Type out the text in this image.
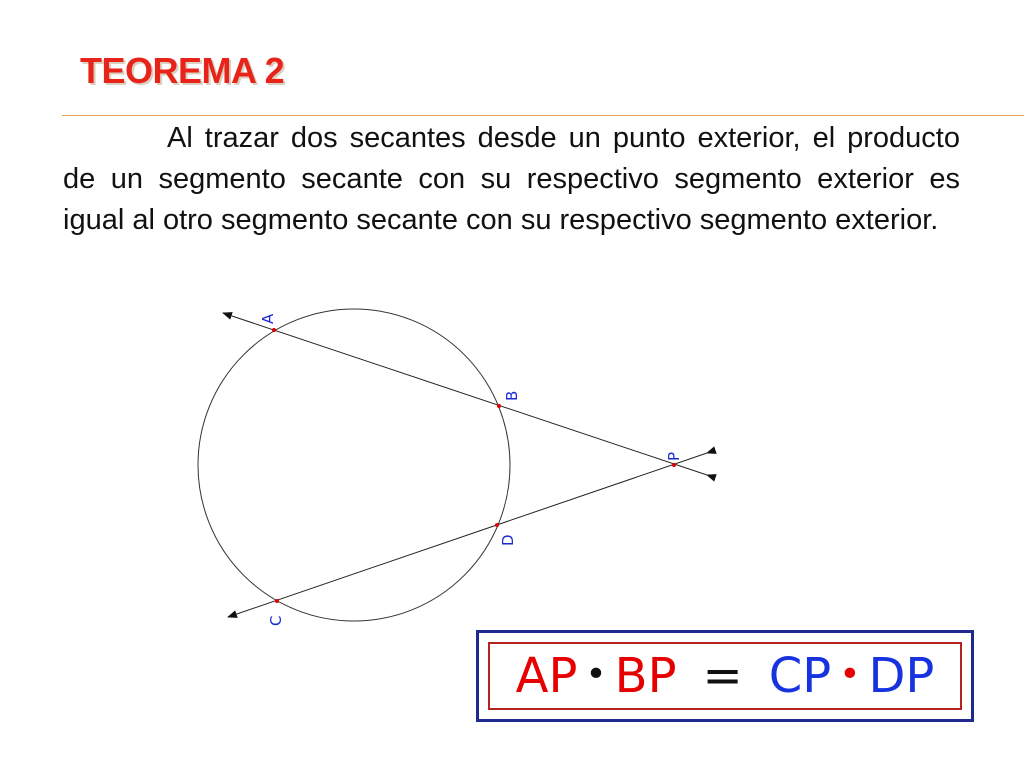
TEOREMA 2

Al trazar dos secantes desde un punto exterior, el producto de un segmento secante con su respectivo segmento exterior es igual al otro segmento secante con su respectivo segmento exterior.

A
B
P
D
C
AP • BP = CP • DP
